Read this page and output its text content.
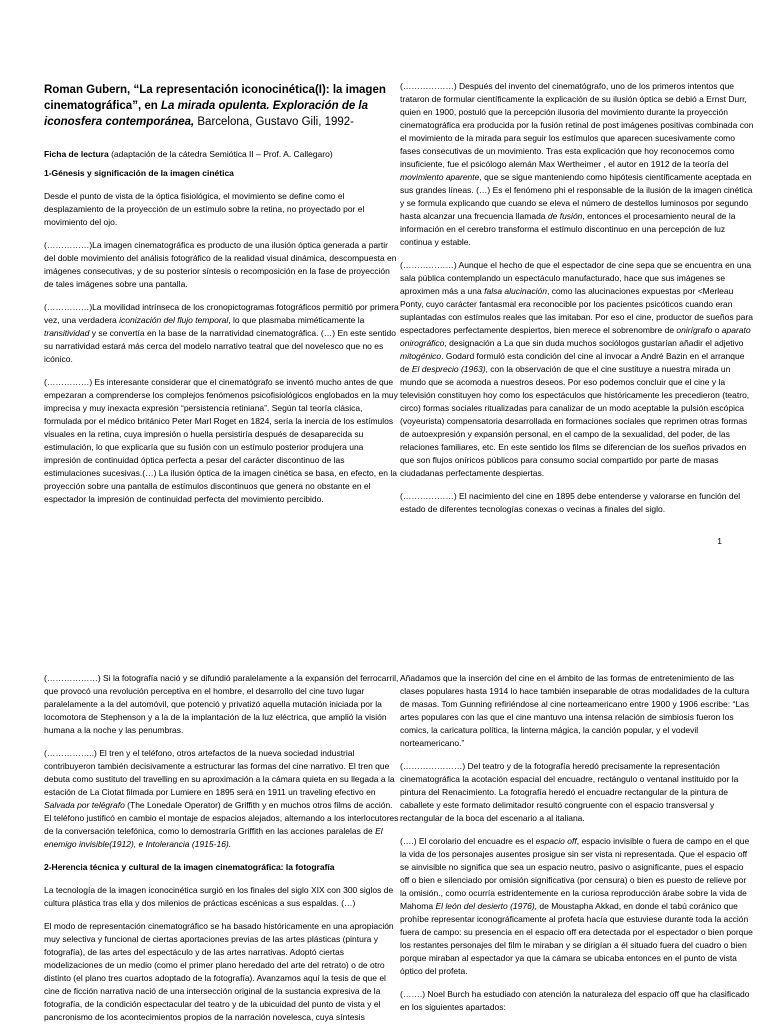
Roman Gubern, “La representación iconocinética(I): la imagen cinematográfica”, en La mirada opulenta. Exploración de la iconosfera contemporánea, Barcelona, Gustavo Gili, 1992-

Ficha de lectura (adaptación de la cátedra Semiótica II – Prof. A. Callegaro)

1-Génesis y significación de la imagen cinética

Desde el punto de vista de la óptica fisiológica, el movimiento se define como el desplazamiento de la proyección de un estímulo sobre la retina, no proyectado por el movimiento del ojo.

(……………)La imagen cinematográfica es producto de una ilusión óptica generada a partir del doble movimiento del análisis fotográfico de la realidad visual dinámica, descompuesta en imágenes consecutivas, y de su posterior síntesis o recomposición en la fase de proyección de tales imágenes sobre una pantalla.

(……………)La movilidad intrínseca de los cronopictogramas fotográficos permitió por primera vez, una verdadera iconización del flujo temporal, lo que plasmaba miméticamente la transitividad y se convertía en la base de la narratividad cinematográfica. (…) En este sentido su narratividad estará más cerca del modelo narrativo teatral que del novelesco que no es icónico.

(……………) Es interesante considerar que el cinematógrafo se inventó mucho antes de que empezaran a comprenderse los complejos fenómenos psicofisiológicos englobados en la muy imprecisa y muy inexacta expresión “persistencia retiniana”. Según tal teoría clásica, formulada por el médico británico Peter Marl Roget en 1824, sería la inercia de los estímulos visuales en la retina, cuya impresión o huella persistiría después de desaparecida su estimulación, lo que explicaría que su fusión con un estímulo posterior produjera una impresión de continuidad óptica perfecta a pesar del carácter discontinuo de las estimulaciones sucesivas.(…) La ilusión óptica de la imagen cinética se basa, en efecto, en la proyección sobre una pantalla de estímulos discontinuos que genera no obstante en el espectador la impresión de continuidad perfecta del movimiento percibido.

(………………) Después del invento del cinematógrafo, uno de los primeros intentos que trataron de formular científicamente la explicación de su ilusión óptica se debió a Ernst Durr, quien en 1900, postuló que la percepción ilusoria del movimiento durante la proyección cinematográfica era producida por la fusión retinal de post imágenes positivas combinada con el movimiento de la mirada para seguir los estímulos que aparecen sucesivamente como fases consecutivas de un movimiento. Tras esta explicación que hoy reconocemos como insuficiente, fue el psicólogo alemán Max Wertheimer , el autor en 1912 de la teoría del movimiento aparente, que se sigue manteniendo como hipótesis científicamente aceptada en sus grandes líneas. (…) Es el fenómeno phi el responsable de la ilusión de la imagen cinética y se formula explicando que cuando se eleva el número de destellos luminosos por segundo hasta alcanzar una frecuencia llamada de fusión, entonces el procesamiento neural de la información en el cerebro transforma el estímulo discontinuo en una percepción de luz continua y estable.

(………………) Aunque el hecho de que el espectador de cine sepa que se encuentra en una sala pública contemplando un espectáculo manufacturado, hace que sus imágenes se aproximen más a una falsa alucinación, como las alucinaciones expuestas por <Merleau Ponty, cuyo carácter fantasmal era reconocible por los pacientes psicóticos cuando eran suplantadas con estímulos reales que las imitaban. Por eso el cine, productor de sueños para espectadores perfectamente despiertos, bien merece el sobrenombre de onirígrafo o aparato onirográfico, designación a La que sin duda muchos sociólogos gustarían añadir el adjetivo mitogénico. Godard formuló esta condición del cine al invocar a André Bazin en el arranque de El desprecio (1963), con la observación de que el cine sustituye a nuestra mirada un mundo que se acomoda a nuestros deseos. Por eso podemos concluir que el cine y la televisión constituyen hoy como los espectáculos que históricamente les precedieron (teatro, circo) formas sociales ritualizadas para canalizar de un modo aceptable la pulsión escópica (voyeurista) compensatoria desarrollada en formaciones sociales que reprimen otras formas de autoexpresión y expansión personal, en el campo de la sexualidad, del poder, de las relaciones familiares, etc. En este sentido los films se diferencian de los sueños privados en que son flujos oníricos públicos para consumo social compartido por parte de masas ciudadanas perfectamente despiertas.

(………………) El nacimiento del cine en 1895 debe entenderse y valorarse en función del estado de diferentes tecnologías conexas o vecinas a finales del siglo.

1

(………………) Si la fotografía nació y se difundió paralelamente a la expansión del ferrocarril, que provocó una revolución perceptiva en el hombre, el desarrollo del cine tuvo lugar paralelamente a la del automóvil, que potenció y privatizó aquella mutación iniciada por la locomotora de Stephenson y a la de la implantación de la luz eléctrica, que amplió la visión humana a la noche y las penumbras.

(……………..) El tren y el teléfono, otros artefactos de la nueva sociedad industrial contribuyeron también decisivamente a estructurar las formas del cine narrativo. El tren que debuta como sustituto del travelling en su aproximación a la cámara quieta en su llegada a la estación de La Ciotat filmada por Lumiere en 1895 será en 1911 un traveling efectivo en Salvada por telégrafo (The Lonedale Operator) de Griffith y en muchos otros films de acción. El teléfono justificó en cambio el montaje de espacios alejados, alternando a los interlocutores de la conversación telefónica, como lo demostraría Griffith en las acciones paralelas de El enemigo invisible(1912), e Intolerancia (1915-16).

2-Herencia técnica y cultural de la imagen cinematográfica: la fotografía

La tecnología de la imagen iconocinética surgió en los finales del siglo XIX con 300 siglos de cultura plástica tras ella y dos milenios de prácticas escénicas a sus espaldas. (…)

El modo de representación cinematográfico se ha basado históricamente en una apropiación muy selectiva y funcional de ciertas aportaciones previas de las artes plásticas (pintura y fotografía), de las artes del espectáculo y de las artes narrativas. Adoptó ciertas modelizaciones de un medio (como el primer plano heredado del arte del retrato) o de otro distinto (el plano tres cuartos adoptado de la fotografía). Avanzamos aquí la tesis de que el cine de ficción narrativa nació de una intersección original de la sustancia expresiva de la fotografía, de la condición espectacular del teatro y de la ubicuidad del punto de vista y el pancronismo de los acontecimientos propios de la narración novelesca, cuya síntesis

Añadamos que la inserción del cine en el ámbito de las formas de entretenimiento de las clases populares hasta 1914 lo hace también inseparable de otras modalidades de la cultura de masas. Tom Gunning refiriéndose al cine norteamericano entre 1900 y 1906 escribe: “Las artes populares con las que el cine mantuvo una intensa relación de simbiosis fueron los comics, la caricatura política, la linterna mágica, la canción popular, y el vodevil norteamericano.”

(…………………) Del teatro y de la fotografía heredó precisamente la representación cinematográfica la acotación espacial del encuadre, rectángulo o ventanal instituido por la pintura del Renacimiento. La fotografía heredó el encuadre rectangular de la pintura de caballete y este formato delimitador resultó congruente con el espacio transversal y rectangular de la boca del escenario a al italiana.

(….) El corolario del encuadre es el espacio off, espacio invisible o fuera de campo en el que la vida de los personajes ausentes prosigue sin ser vista ni representada. Que el espacio off se ainvisible no significa que sea un espacio neutro, pasivo o asignificante, pues el espacio off o bien e silenciado por omisión significativa (por censura) o bien es puesto de relieve por la omisión., como ocurría estridentemente en la curiosa reproducción árabe sobre la vida de Mahoma El león del desierto (1976), de Moustapha Akkad, en donde el tabú coránico que prohíbe representar iconográficamente al profeta hacía que estuviese durante toda la acción fuera de campo: su presencia en el espacio off era detectada por el espectador o bien porque los restantes personajes del film le miraban y se dirigían a él situado fuera del cuadro o bien porque miraban al espectador ya que la cámara se ubicaba entonces en el punto de vista óptico del profeta.

(…….) Noel Burch ha estudiado con atención la naturaleza del espacio off que ha clasificado en los siguientes apartados:
